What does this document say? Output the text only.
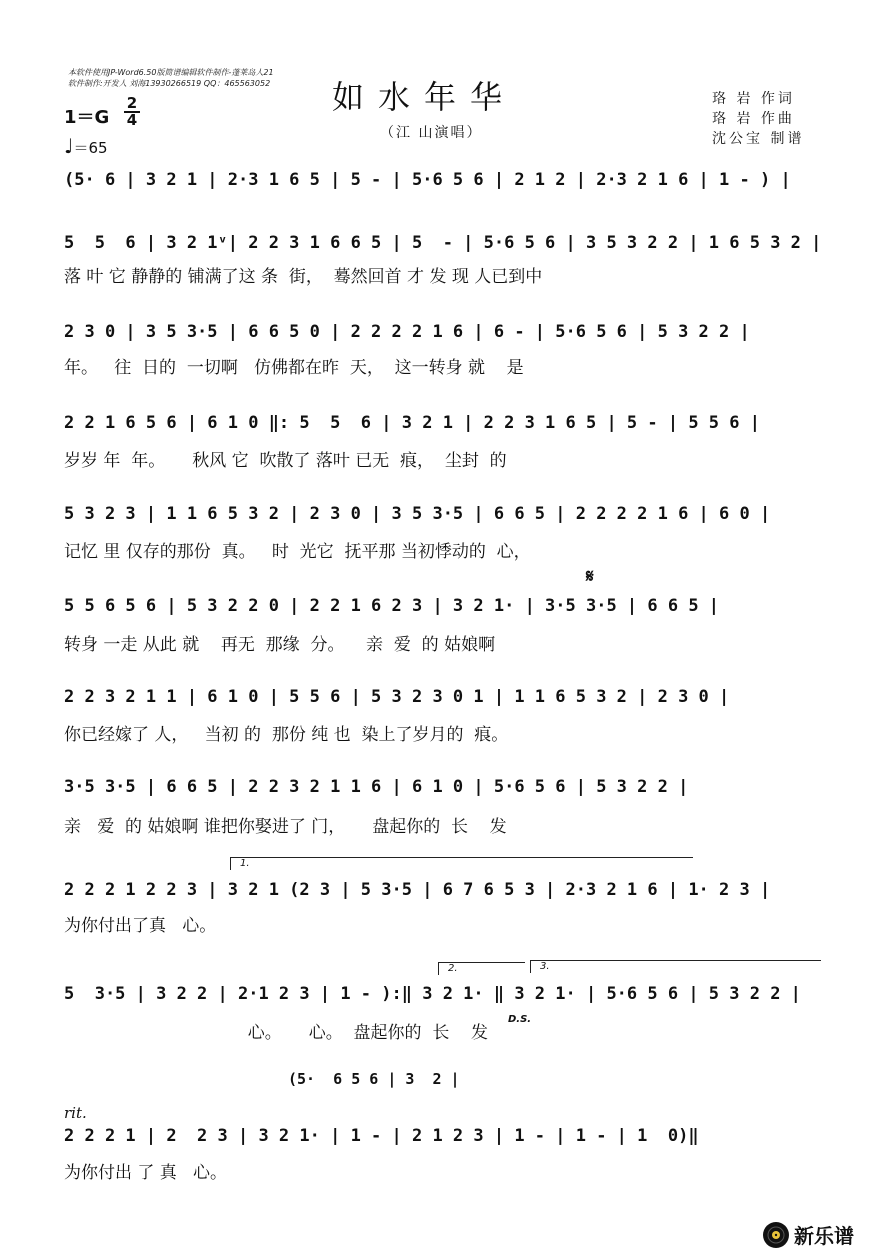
本软件使用JP-Word6.50版简谱编辑软件制作-蓬莱岛人21
软件制作:开发人 刘海13930266519 QQ：465563052 如水年华
（江 山演唱）
珞 岩 作词
珞 岩 作曲
沈公宝 制谱
1＝G
2
4
♩＝65
(5· 6 | 3 2 1 | 2·3 1 6 5 | 5 - | 5·6 5 6 | 2 1 2 | 2·3 2 1 6 | 1 - ) |
5  5  6 | 3 2 1ᵛ| 2 2 3 1 6 6 5 | 5  - | 5·6 5 6 | 3 5 3 2 2 | 1 6 5 3 2 |
落 叶 它 静静的 铺满了这 条  街，  蓦然回首 才 发 现 人已到中
2 3 0 | 3 5 3·5 | 6 6 5 0 | 2 2 2 2 1 6 | 6 - | 5·6 5 6 | 5 3 2 2 |
年。   往  日的  一切啊   仿佛都在昨  天，  这一转身 就    是
2 2 1 6 5 6 | 6 1 0 ‖: 5  5  6 | 3 2 1 | 2 2 3 1 6 5 | 5 - | 5 5 6 |
岁岁 年  年。     秋风 它  吹散了 落叶 已无  痕，  尘封  的
5 3 2 3 | 1 1 6 5 3 2 | 2 3 0 | 3 5 3·5 | 6 6 5 | 2 2 2 2 1 6 | 6 0 |
记忆 里 仅存的那份  真。   时  光它  抚平那 当初悸动的  心，
𝄋
5 5 6 5 6 | 5 3 2 2 0 | 2 2 1 6 2 3 | 3 2 1· | 3·5 3·5 | 6 6 5 |
转身 一走 从此 就    再无  那缘  分。    亲  爱  的 姑娘啊
2 2 3 2 1 1 | 6 1 0 | 5 5 6 | 5 3 2 3 0 1 | 1 1 6 5 3 2 | 2 3 0 |
你已经嫁了 人，   当初 的  那份 纯 也  染上了岁月的  痕。
3·5 3·5 | 6 6 5 | 2 2 3 2 1 1 6 | 6 1 0 | 5·6 5 6 | 5 3 2 2 |
亲   爱  的 姑娘啊 谁把你娶进了 门，     盘起你的  长    发
1.
2 2 2 1 2 2 3 | 3 2 1 (2 3 | 5 3·5 | 6 7 6 5 3 | 2·3 2 1 6 | 1· 2 3 |
为你付出了真   心。
2.	3.
5  3·5 | 3 2 2 | 2·1 2 3 | 1 - ):‖ 3 2 1· ‖ 3 2 1· | 5·6 5 6 | 5 3 2 2 |
心。     心。  盘起你的  长    发
D.S.
(5·  6 5 6 | 3  2 |
rit.
2 2 2 1 | 2  2 3 | 3 2 1· | 1 - | 2 1 2 3 | 1 - | 1 - | 1  0)‖
为你付出 了 真   心。
新乐谱
